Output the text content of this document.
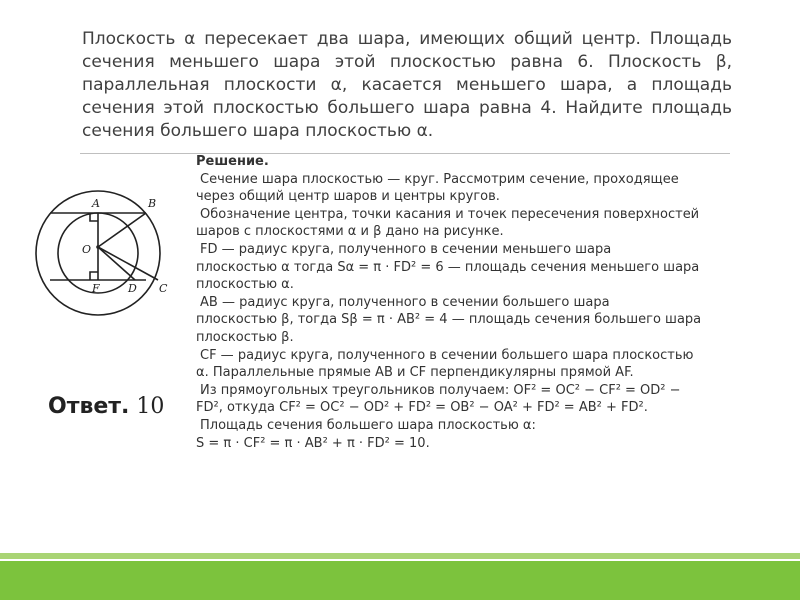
Плоскость α пересекает два шара, имеющих общий центр. Площадь сечения меньшего шара этой плоскостью равна 6. Плоскость β, параллельная плоскости α, касается меньшего шара, а площадь сечения этой плоскостью большего шара равна 4. Найдите площадь сечения большего шара плоскостью α.

A	B
O
F	D C
Ответ. 10
Решение.
Сечение шара плоскостью — круг. Рассмотрим сечение, проходящее
через общий центр шаров и центры кругов.
Обозначение центра, точки касания и точек пересечения поверхностей
шаров с плоскостями α и β дано на рисунке.
FD — радиус круга, полученного в сечении меньшего шара
плоскостью α тогда Sα = π · FD² = 6 — площадь сечения меньшего шара
плоскостью α.
AB — радиус круга, полученного в сечении большего шара
плоскостью β, тогда Sβ = π · AB² = 4 — площадь сечения большего шара
плоскостью β.
CF — радиус круга, полученного в сечении большего шара плоскостью
α. Параллельные прямые AB и CF перпендикулярны прямой AF.
Из прямоугольных треугольников получаем: OF² = OC² − CF² = OD² −
FD², откуда CF² = OC² − OD² + FD² = OB² − OA² + FD² = AB² + FD².
Площадь сечения большего шара плоскостью α:
S = π · CF² = π · AB² + π · FD² = 10.
